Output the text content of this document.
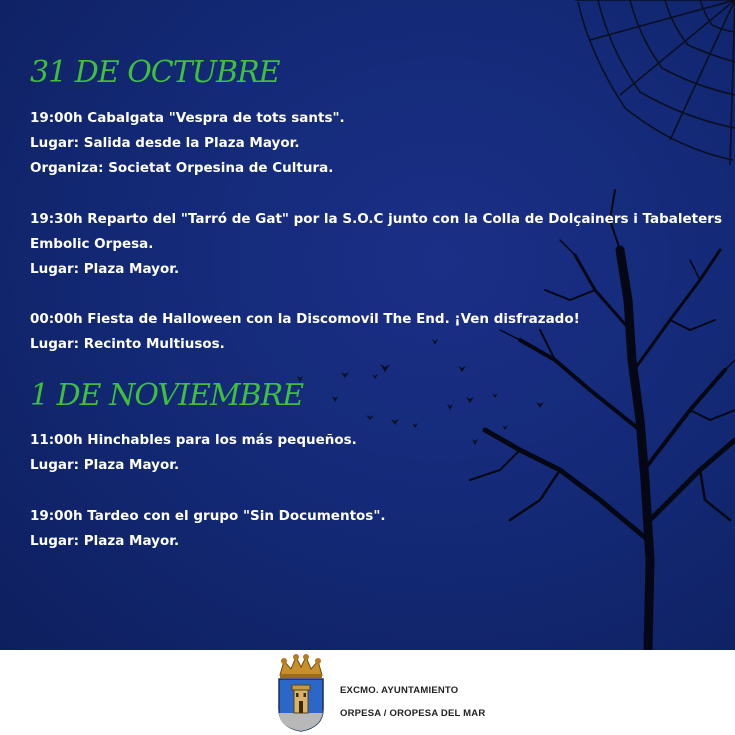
31 DE OCTUBRE

19:00h Cabalgata "Vespra de tots sants".

Lugar: Salida desde la Plaza Mayor.

Organiza: Societat Orpesina de Cultura.

19:30h Reparto del "Tarró de Gat" por la S.O.C junto con la Colla de Dolçainers i Tabaleters

Embolic Orpesa.

Lugar: Plaza Mayor.

00:00h Fiesta de Halloween con la Discomovil The End. ¡Ven disfrazado!

Lugar: Recinto Multiusos.

1 DE NOVIEMBRE

11:00h Hinchables para los más pequeños.

Lugar: Plaza Mayor.

19:00h Tardeo con el grupo "Sin Documentos".

Lugar: Plaza Mayor.

EXCMO. AYUNTAMIENTO

ORPESA / OROPESA DEL MAR
